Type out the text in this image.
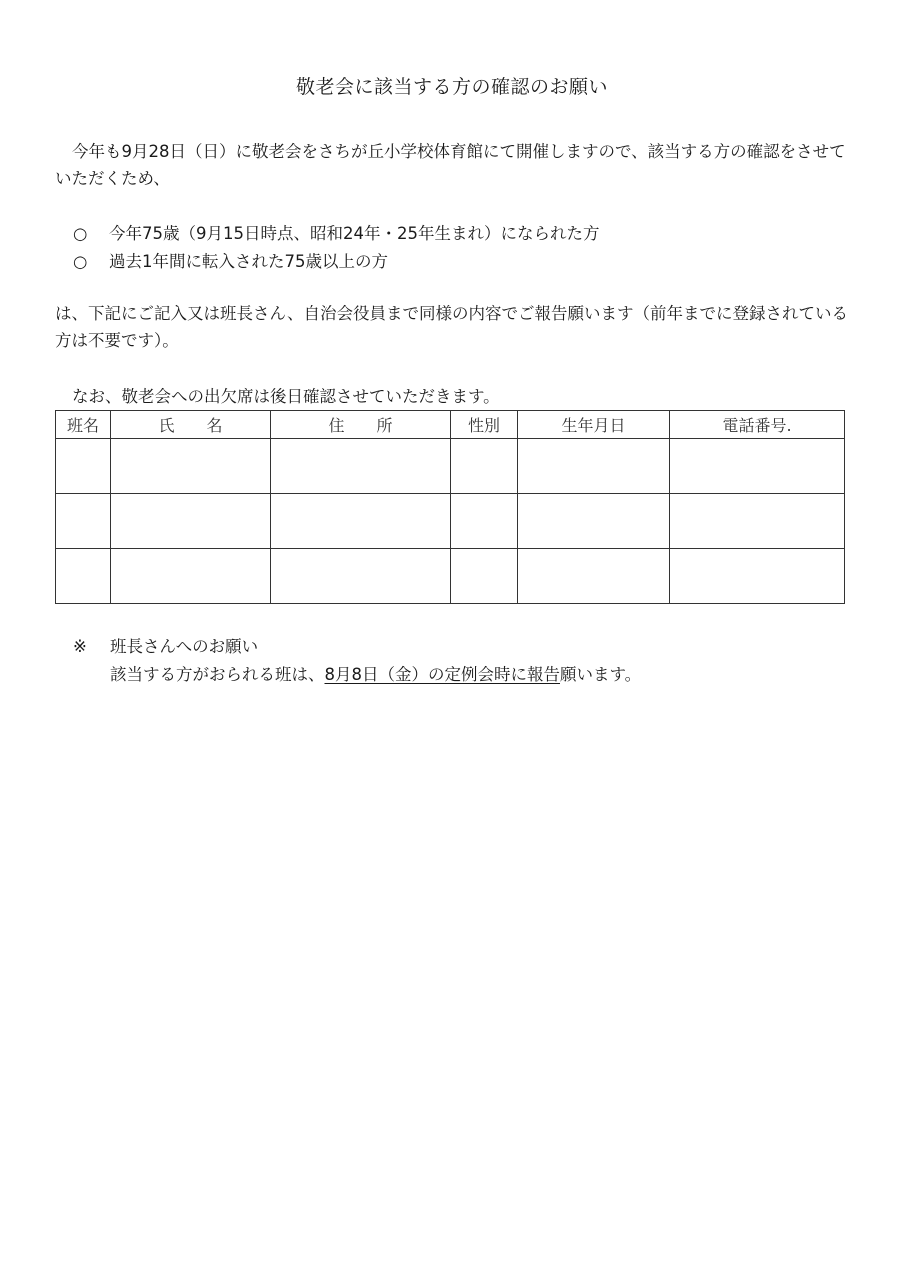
敬老会に該当する方の確認のお願い
今年も9月28日（日）に敬老会をさちが丘小学校体育館にて開催しますので、該当する方の確認をさせていただくため、
○	今年75歳（9月15日時点、昭和24年・25年生まれ）になられた方
○	過去1年間に転入された75歳以上の方
は、下記にご記入又は班長さん、自治会役員まで同様の内容でご報告願います（前年までに登録されている方は不要です）。
なお、敬老会への出欠席は後日確認させていただきます。
班名	氏　　名	住　　所	性別	生年月日	電話番号.

※	班長さんへのお願い
該当する方がおられる班は、8月8日（金）の定例会時に報告願います。
